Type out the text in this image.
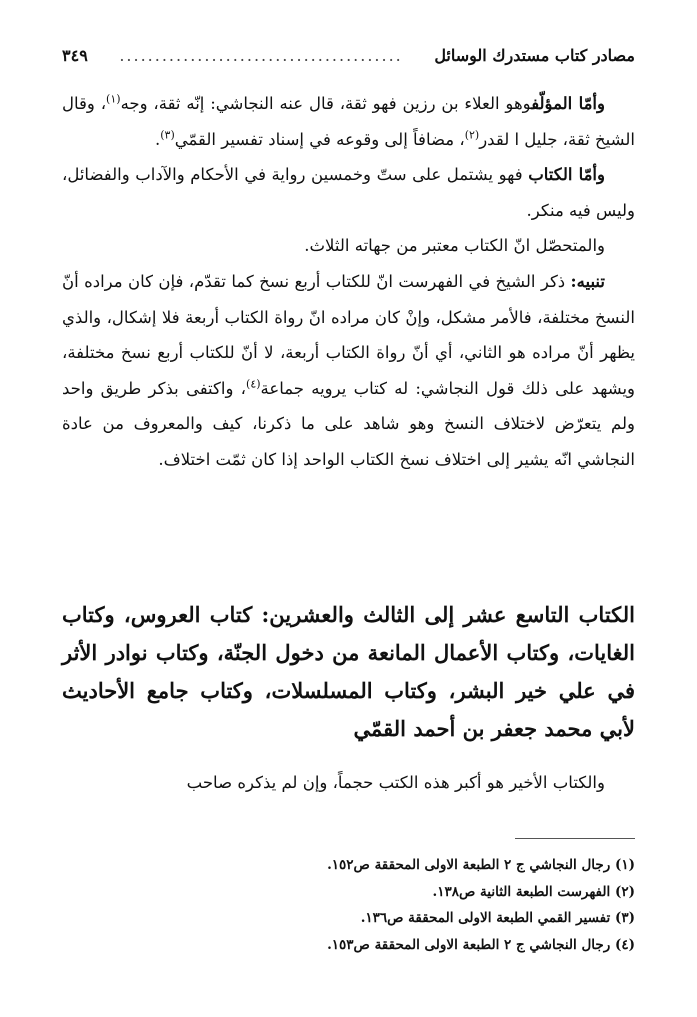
مصادر كتاب مستدرك الوسائل
........................................
٣٤٩

وأمّا المؤلّفوهو العلاء بن رزين فهو ثقة، قال عنه النجاشي: إنّه ثقة، وجه$^{(١)}$، وقال الشيخ ثقة، جليل ا لقدر$^{(٢)}$، مضافاً إلى وقوعه في إسناد تفسير القمّي$^{(٣)}$.

وأمّا الكتاب فهو يشتمل على ستّ وخمسين رواية في الأحكام والآداب والفضائل، وليس فيه منكر.

والمتحصّل انّ الكتاب معتبر من جهاته الثلاث.

تنبيه: ذكر الشيخ في الفهرست انّ للكتاب أربع نسخ كما تقدّم، فإن كان مراده أنّ النسخ مختلفة، فالأمر مشكل، وإنْ كان مراده انّ رواة الكتاب أربعة فلا إشكال، والذي يظهر أنّ مراده هو الثاني، أي أنّ رواة الكتاب أربعة، لا أنّ للكتاب أربع نسخ مختلفة، ويشهد على ذلك قول النجاشي: له كتاب يرويه جماعة$^{(٤)}$، واكتفى بذكر طريق واحد ولم يتعرّض لاختلاف النسخ وهو شاهد على ما ذكرنا، كيف والمعروف من عادة النجاشي انّه يشير إلى اختلاف نسخ الكتاب الواحد إذا كان ثمّت اختلاف.

الكتاب التاسع عشر إلى الثالث والعشرين: كتاب العروس، وكتاب الغايات، وكتاب الأعمال المانعة من دخول الجنّة، وكتاب نوادر الأثر في علي خير البشر، وكتاب المسلسلات، وكتاب جامع الأحاديث لأبي محمد جعفر بن أحمد القمّي

والكتاب الأخير هو أكبر هذه الكتب حجماً، وإن لم يذكره صاحب

(١) رجال النجاشي ج ٢ الطبعة الاولى المحققة ص١٥٢.
(٢) الفهرست الطبعة الثانية ص١٣٨.
(٣) تفسير القمي الطبعة الاولى المحققة ص١٣٦.
(٤) رجال النجاشي ج ٢ الطبعة الاولى المحققة ص١٥٣.
